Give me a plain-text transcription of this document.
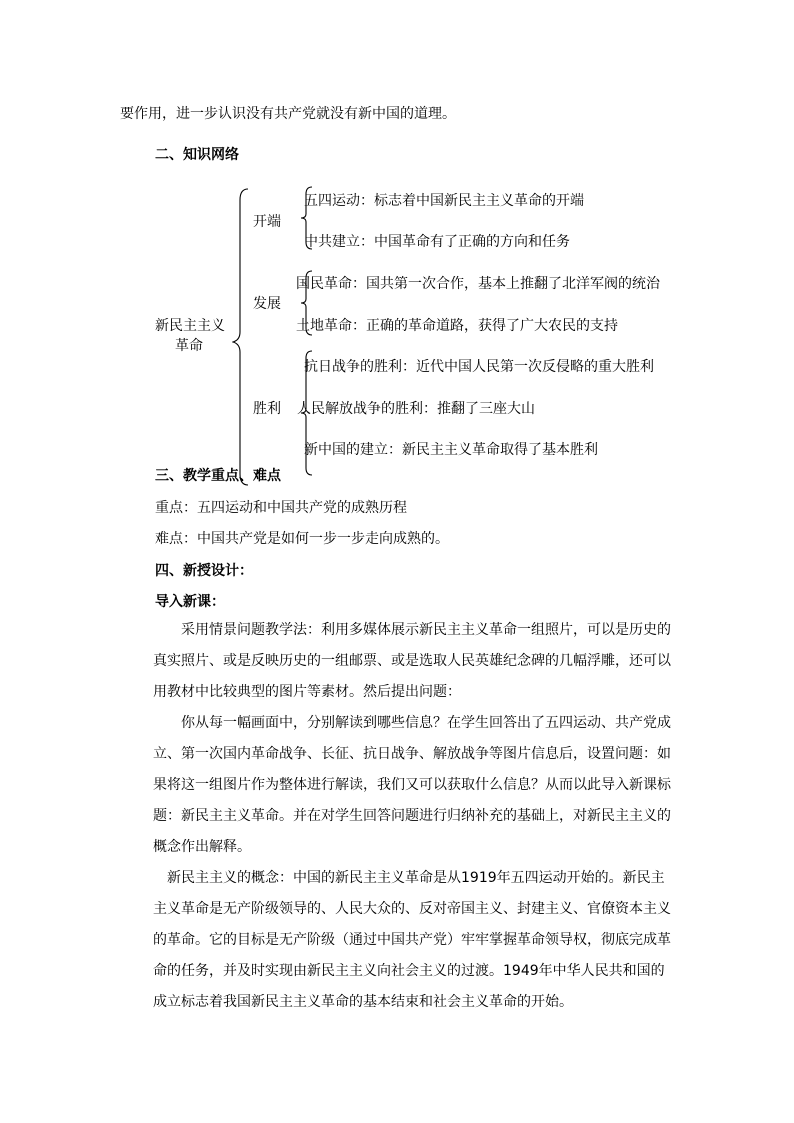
要作用，进一步认识没有共产党就没有新中国的道理。
二、知识网络
新民主主义
革命
开端
发展
胜利
五四运动：标志着中国新民主主义革命的开端
中共建立：中国革命有了正确的方向和任务
国民革命：国共第一次合作，基本上推翻了北洋军阀的统治
土地革命：正确的革命道路，获得了广大农民的支持
抗日战争的胜利：近代中国人民第一次反侵略的重大胜利
人民解放战争的胜利：推翻了三座大山
新中国的建立：新民主主义革命取得了基本胜利
三、教学重点、难点
重点：五四运动和中国共产党的成熟历程
难点：中国共产党是如何一步一步走向成熟的。
四、新授设计：
导入新课：
采用情景问题教学法：利用多媒体展示新民主主义革命一组照片，可以是历史的真实照片、或是反映历史的一组邮票、或是选取人民英雄纪念碑的几幅浮雕，还可以用教材中比较典型的图片等素材。然后提出问题：
你从每一幅画面中，分别解读到哪些信息？在学生回答出了五四运动、共产党成立、第一次国内革命战争、长征、抗日战争、解放战争等图片信息后，设置问题：如果将这一组图片作为整体进行解读，我们又可以获取什么信息？从而以此导入新课标题：新民主主义革命。并在对学生回答问题进行归纳补充的基础上，对新民主主义的概念作出解释。
新民主主义的概念：中国的新民主主义革命是从1919年五四运动开始的。新民主主义革命是无产阶级领导的、人民大众的、反对帝国主义、封建主义、官僚资本主义的革命。它的目标是无产阶级（通过中国共产党）牢牢掌握革命领导权，彻底完成革命的任务，并及时实现由新民主主义向社会主义的过渡。1949年中华人民共和国的成立标志着我国新民主主义革命的基本结束和社会主义革命的开始。
